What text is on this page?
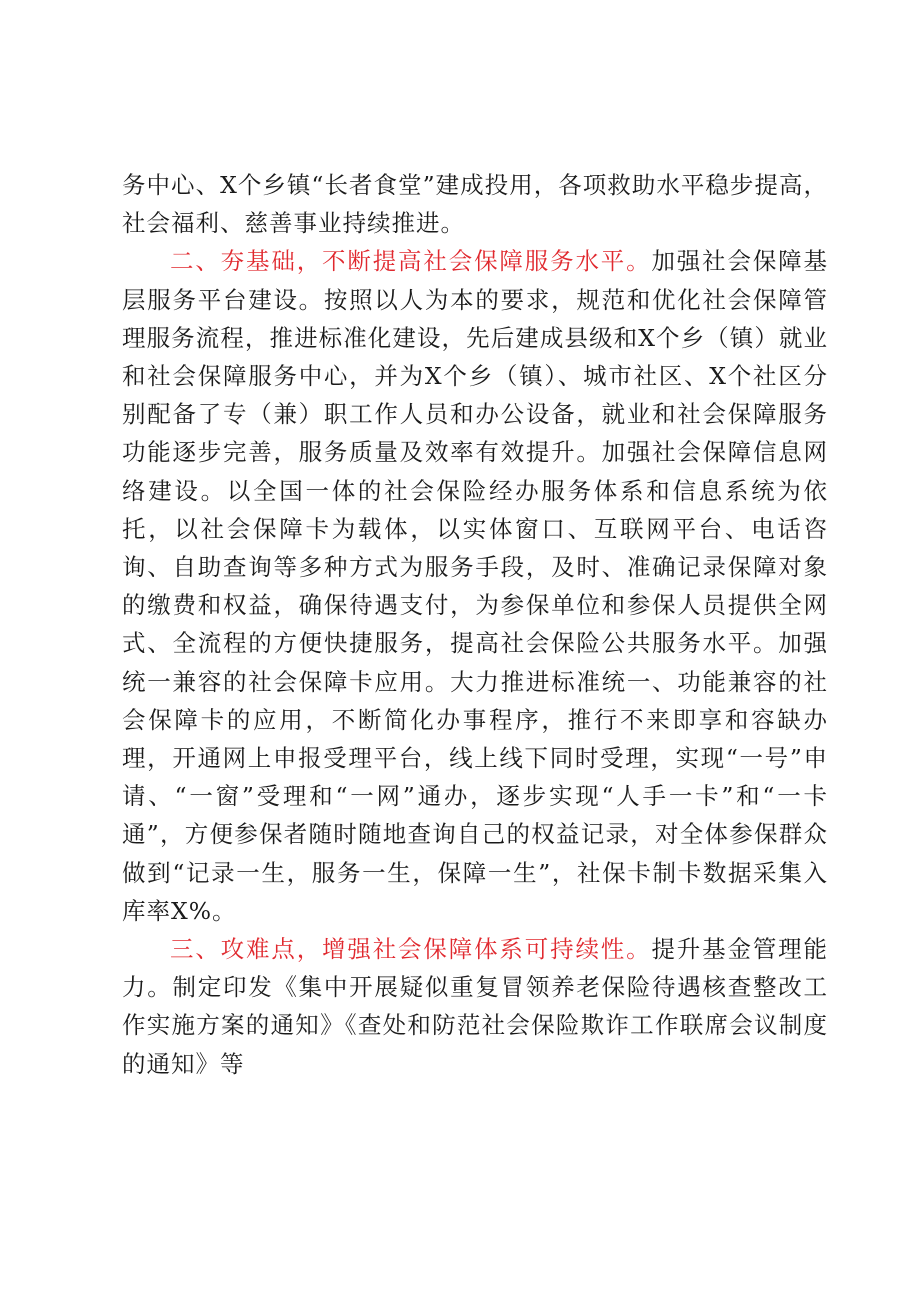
务中心、X个乡镇“长者食堂”建成投用，各项救助水平稳步提高，社会福利、慈善事业持续推进。

二、夯基础，不断提高社会保障服务水平。加强社会保障基层服务平台建设。按照以人为本的要求，规范和优化社会保障管理服务流程，推进标准化建设，先后建成县级和X个乡（镇）就业和社会保障服务中心，并为X个乡（镇）、城市社区、X个社区分别配备了专（兼）职工作人员和办公设备，就业和社会保障服务功能逐步完善，服务质量及效率有效提升。加强社会保障信息网络建设。以全国一体的社会保险经办服务体系和信息系统为依托，以社会保障卡为载体，以实体窗口、互联网平台、电话咨询、自助查询等多种方式为服务手段，及时、准确记录保障对象的缴费和权益，确保待遇支付，为参保单位和参保人员提供全网式、全流程的方便快捷服务，提高社会保险公共服务水平。加强统一兼容的社会保障卡应用。大力推进标准统一、功能兼容的社会保障卡的应用，不断简化办事程序，推行不来即享和容缺办理，开通网上申报受理平台，线上线下同时受理，实现“一号”申请、“一窗”受理和“一网”通办，逐步实现“人手一卡”和“一卡通”，方便参保者随时随地查询自己的权益记录，对全体参保群众做到“记录一生，服务一生，保障一生”，社保卡制卡数据采集入库率X%。

三、攻难点，增强社会保障体系可持续性。提升基金管理能力。制定印发《集中开展疑似重复冒领养老保险待遇核查整改工作实施方案的通知》《查处和防范社会保险欺诈工作联席会议制度的通知》等
